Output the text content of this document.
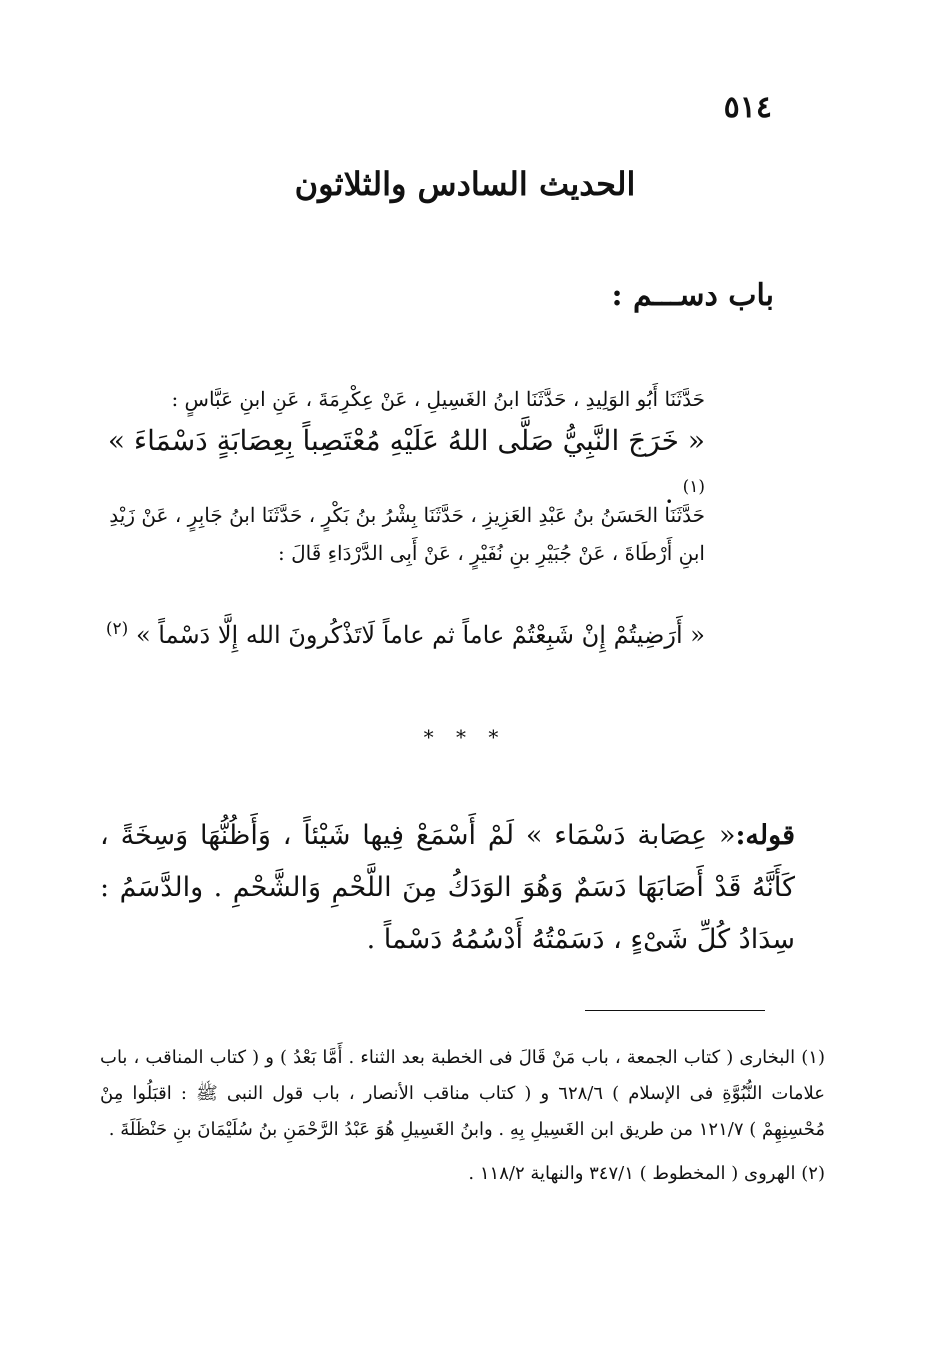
٥١٤
الحديث السادس والثلاثون
باب دســـم :
حَدَّثَنَا أَبُو الوَلِيدِ ، حَدَّثَنَا ابنُ الغَسِيلِ ، عَنْ عِكْرِمَةَ ، عَنِ ابنِ عَبَّاسٍ :
« خَرَجَ النَّبِيُّ صَلَّى اللهُ عَلَيْهِ مُعْتَصِباً بِعِصَابَةٍ دَسْمَاءَ » $^{(١)}$ .
حَدَّثَنَا الحَسَنُ بنُ عَبْدِ العَزِيزِ ، حَدَّثَنَا بِشْرُ بنُ بَكْرٍ ، حَدَّثَنَا ابنُ جَابِرٍ ، عَنْ زَيْدِ ابنِ أَرْطَاةَ ، عَنْ جُبَيْرِ بنِ نُفَيْرٍ ، عَنْ أَبِى الدَّرْدَاءِ قَالَ :
« أَرَضِيتُمْ إِنْ شَبِعْتُمْ عاماً ثم عاماً لَاتَذْكُرونَ الله إِلَّا دَسْماً » $^{(٢)}$
* * *
قوله:« عِصَابة دَسْمَاء » لَمْ أَسْمَعْ فِيها شَيْئاً ، وَأَظُنُّهَا وَسِخَةً ، كَأَنَّهُ قَدْ أَصَابَهَا دَسَمٌ وَهُوَ الوَدَكُ مِنَ اللَّحْمِ وَالشَّحْمِ . والدَّسَمُ : سِدَادُ كُلِّ شَىْءٍ ، دَسَمْتُهُ أَدْسُمُهُ دَسْماً .

(١) البخارى ( كتاب الجمعة ، باب مَنْ قَالَ فى الخطبة بعد الثناء . أَمَّا بَعْدُ ) و ( كتاب المناقب ، باب علامات النُّبُوَّةِ فى الإسلام ) ٦٢٨/٦ و ( كتاب مناقب الأنصار ، باب قول النبى ﷺ : اقبَلُوا مِنْ مُحْسِنِهِمْ ) ١٢١/٧ من طريق ابن الغَسِيلِ بِهِ . وابنُ الغَسِيلِ هُوَ عَبْدُ الرَّحْمَنِ بنُ سُلَيْمَانَ بنِ حَنْظَلَةَ .

(٢) الهروى ( المخطوط ) ٣٤٧/١ والنهاية ١١٨/٢ .
